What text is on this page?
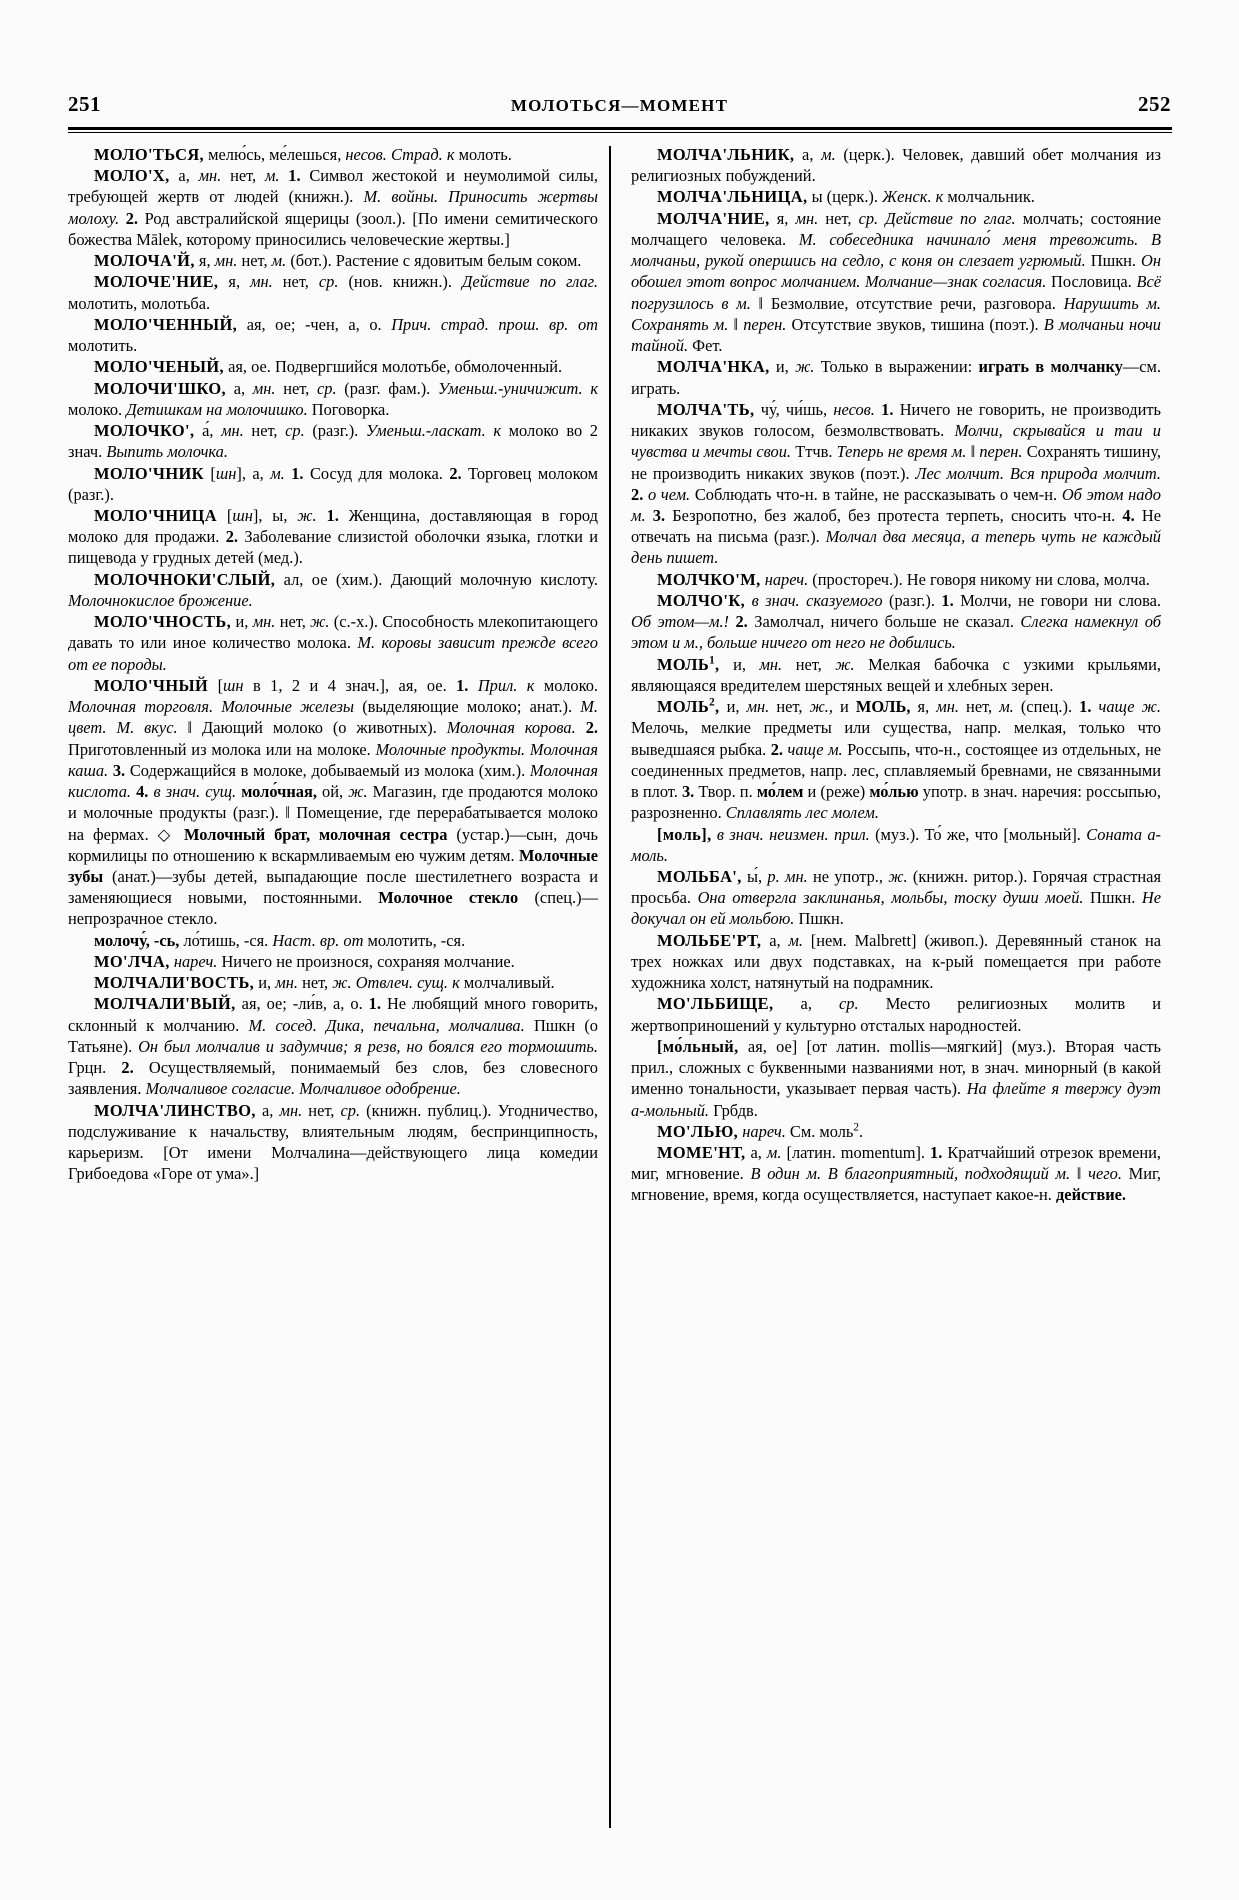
251	МОЛОТЬСЯ—МОМЕНТ	252

МОЛО'ТЬСЯ, мелю́сь, ме́лешься, несов. Страд. к молоть.

МОЛО'Х, а, мн. нет, м. 1. Символ жестокой и неумолимой силы, требующей жертв от людей (книжн.). М. войны. Приносить жертвы молоху. 2. Род австралийской ящерицы (зоол.). [По имени семитического божества Mālek, которому приносились человеческие жертвы.]

МОЛОЧА'Й, я, мн. нет, м. (бот.). Растение с ядовитым белым соком.

МОЛОЧЕ'НИЕ, я, мн. нет, ср. (нов. книжн.). Действие по глаг. молотить, молотьба.

МОЛО'ЧЕННЫЙ, ая, ое; -чен, а, о. Прич. страд. прош. вр. от молотить.

МОЛО'ЧЕНЫЙ, ая, ое. Подвергшийся молотьбе, обмолоченный.

МОЛОЧИ'ШКО, а, мн. нет, ср. (разг. фам.). Уменьш.-уничижит. к молоко. Детишкам на молочишко. Поговорка.

МОЛОЧКО', а́, мн. нет, ср. (разг.). Уменьш.-ласкат. к молоко во 2 знач. Выпить молочка.

МОЛО'ЧНИК [шн], а, м. 1. Сосуд для молока. 2. Торговец молоком (разг.).

МОЛО'ЧНИЦА [шн], ы, ж. 1. Женщина, доставляющая в город молоко для продажи. 2. Заболевание слизистой оболочки языка, глотки и пищевода у грудных детей (мед.).

МОЛОЧНОКИ'СЛЫЙ, ал, ое (хим.). Дающий молочную кислоту. Молочнокислое брожение.

МОЛО'ЧНОСТЬ, и, мн. нет, ж. (с.-х.). Способность млекопитающего давать то или иное количество молока. М. коровы зависит прежде всего от ее породы.

МОЛО'ЧНЫЙ [шн в 1, 2 и 4 знач.], ая, ое. 1. Прил. к молоко. Молочная торговля. Молочные железы (выделяющие молоко; анат.). М. цвет. М. вкус. ‖ Дающий молоко (о животных). Молочная корова. 2. Приготовленный из молока или на молоке. Молочные продукты. Молочная каша. 3. Содержащийся в молоке, добываемый из молока (хим.). Молочная кислота. 4. в знач. сущ. моло́чная, ой, ж. Магазин, где продаются молоко и молочные продукты (разг.). ‖ Помещение, где перерабатывается молоко на фермах. ◇ Молочный брат, молочная сестра (устар.)—сын, дочь кормилицы по отношению к вскармливаемым ею чужим детям. Молочные зубы (анат.)—зубы детей, выпадающие после шестилетнего возраста и заменяющиеся новыми, постоянными. Молочное стекло (спец.)—непрозрачное стекло.

молочу́, -сь, ло́тишь, -ся. Наст. вр. от молотить, -ся.

МО'ЛЧА, нареч. Ничего не произнося, сохраняя молчание.

МОЛЧАЛИ'ВОСТЬ, и, мн. нет, ж. Отвлеч. сущ. к молчаливый.

МОЛЧАЛИ'ВЫЙ, ая, ое; -ли́в, а, о. 1. Не любящий много говорить, склонный к молчанию. М. сосед. Дика, печальна, молчалива. Пшкн (о Татьяне). Он был молчалив и задумчив; я резв, но боялся его тормошить. Грцн. 2. Осуществляемый, понимаемый без слов, без словесного заявления. Молчаливое согласие. Молчаливое одобрение.

МОЛЧА'ЛИНСТВО, а, мн. нет, ср. (книжн. публиц.). Угодничество, подслуживание к начальству, влиятельным людям, беспринципность, карьеризм. [От имени Молчалина—действующего лица комедии Грибоедова «Горе от ума».]

МОЛЧА'ЛЬНИК, а, м. (церк.). Человек, давший обет молчания из религиозных побуждений.

МОЛЧА'ЛЬНИЦА, ы (церк.). Женск. к молчальник.

МОЛЧА'НИЕ, я, мн. нет, ср. Действие по глаг. молчать; состояние молчащего человека. М. собеседника начинало́ меня тревожить. В молчаньи, рукой опершись на седло, с коня он слезает угрюмый. Пшкн. Он обошел этот вопрос молчанием. Молчание—знак согласия. Пословица. Всё погрузилось в м. ‖ Безмолвие, отсутствие речи, разговора. Нарушить м. Сохранять м. ‖ перен. Отсутствие звуков, тишина (поэт.). В молчаньи ночи тайной. Фет.

МОЛЧА'НКА, и, ж. Только в выражении: играть в молчанку—см. играть.

МОЛЧА'ТЬ, чу́, чи́шь, несов. 1. Ничего не говорить, не производить никаких звуков голосом, безмолвствовать. Молчи, скрывайся и таи и чувства и мечты свои. Ттчв. Теперь не время м. ‖ перен. Сохранять тишину, не производить никаких звуков (поэт.). Лес молчит. Вся природа молчит. 2. о чем. Соблюдать что-н. в тайне, не рассказывать о чем-н. Об этом надо м. 3. Безропотно, без жалоб, без протеста терпеть, сносить что-н. 4. Не отвечать на письма (разг.). Молчал два месяца, а теперь чуть не каждый день пишет.

МОЛЧКО'М, нареч. (простореч.). Не говоря никому ни слова, молча.

МОЛЧО'К, в знач. сказуемого (разг.). 1. Молчи, не говори ни слова. Об этом—м.! 2. Замолчал, ничего больше не сказал. Слегка намекнул об этом и м., больше ничего от него не добились.

МОЛЬ$^1$, и, мн. нет, ж. Мелкая бабочка с узкими крыльями, являющаяся вредителем шерстяных вещей и хлебных зерен.

МОЛЬ$^2$, и, мн. нет, ж., и МОЛЬ, я, мн. нет, м. (спец.). 1. чаще ж. Мелочь, мелкие предметы или существа, напр. мелкая, только что выведшаяся рыбка. 2. чаще м. Россыпь, что-н., состоящее из отдельных, не соединенных предметов, напр. лес, сплавляемый бревнами, не связанными в плот. 3. Твор. п. мо́лем и (реже) мо́лью употр. в знач. наречия: россыпью, разрозненно. Сплавлять лес молем.

[моль], в знач. неизмен. прил. (муз.). То́ же, что [мольный]. Соната а-моль.

МОЛЬБА', ы́, р. мн. не употр., ж. (книжн. ритор.). Горячая страстная просьба. Она отвергла заклинанья, мольбы, тоску души моей. Пшкн. Не докучал он ей мольбою. Пшкн.

МОЛЬБЕ'РТ, а, м. [нем. Malbrett] (живоп.). Деревянный станок на трех ножках или двух подставках, на к-рый помещается при работе художника холст, натянутый на подрамник.

МО'ЛЬБИЩЕ, а, ср. Место религиозных молитв и жертвоприношений у культурно отсталых народностей.

[мо́льный, ая, ое] [от латин. mollis—мягкий] (муз.). Вторая часть прил., сложных с буквенными названиями нот, в знач. минорный (в какой именно тональности, указывает первая часть). На флейте я твержу дуэт а-мольный. Грбдв.

МО'ЛЬЮ, нареч. См. моль$^2$.

МОМЕ'НТ, а, м. [латин. momentum]. 1. Кратчайший отрезок времени, миг, мгновение. В один м. В благоприятный, подходящий м. ‖ чего. Миг, мгновение, время, когда осуществляется, наступает какое-н. действие.
